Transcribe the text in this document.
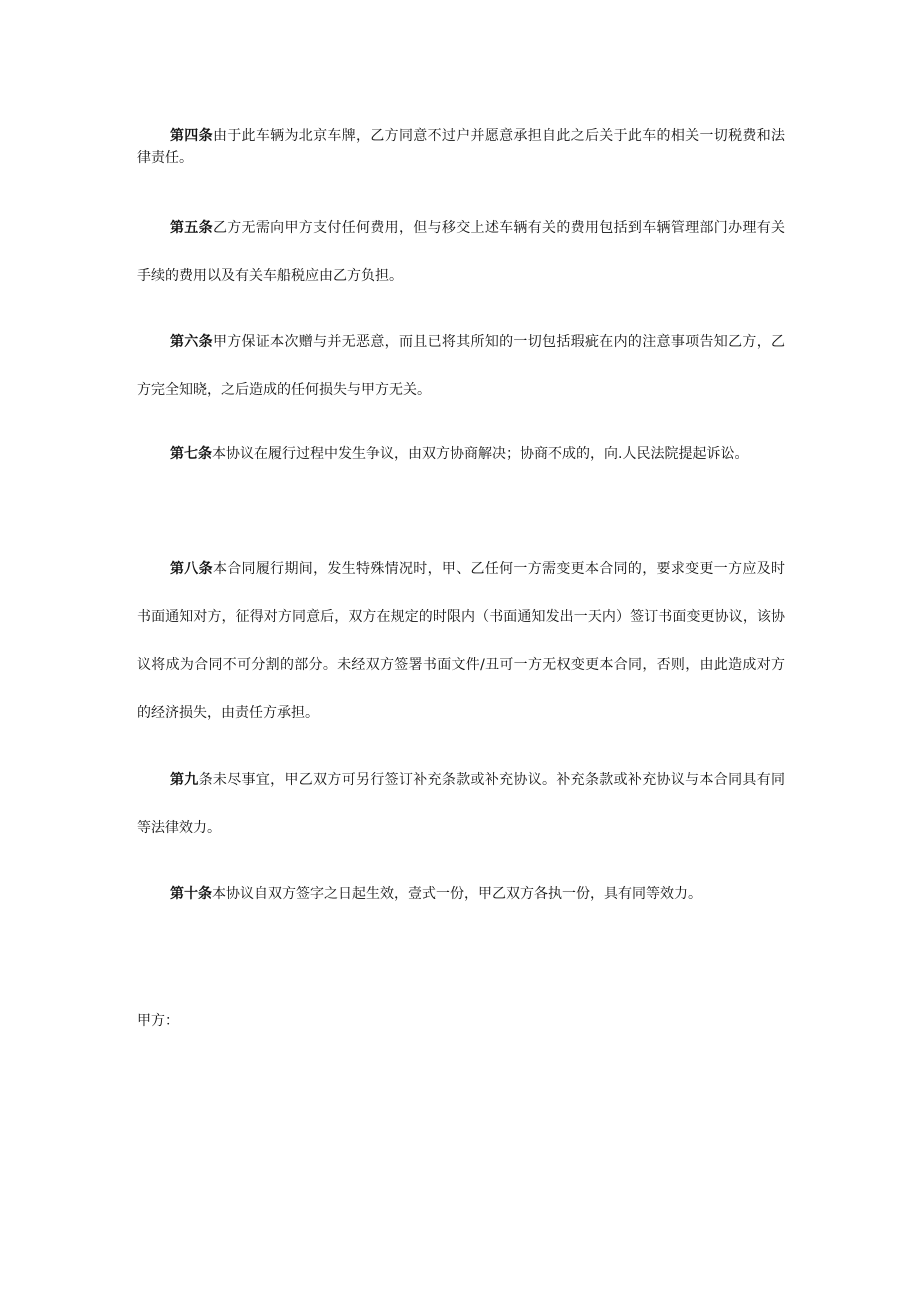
第四条由于此车辆为北京车牌，乙方同意不过户并愿意承担自此之后关于此车的相关一切税费和法律责任。

第五条乙方无需向甲方支付任何费用，但与移交上述车辆有关的费用包括到车辆管理部门办理有关手续的费用以及有关车船税应由乙方负担。

第六条甲方保证本次赠与并无恶意，而且已将其所知的一切包括瑕疵在内的注意事项告知乙方，乙方完全知晓，之后造成的任何损失与甲方无关。

第七条本协议在履行过程中发生争议，由双方协商解决；协商不成的，向.人民法院提起诉讼。

第八条本合同履行期间，发生特殊情况时，甲、乙任何一方需变更本合同的，要求变更一方应及时书面通知对方，征得对方同意后，双方在规定的时限内（书面通知发出一天内）签订书面变更协议，该协议将成为合同不可分割的部分。未经双方签署书面文件/丑可一方无权变更本合同，否则，由此造成对方的经济损失，由责任方承担。

第九条未尽事宜，甲乙双方可另行签订补充条款或补充协议。补充条款或补充协议与本合同具有同等法律效力。

第十条本协议自双方签字之日起生效，壹式一份，甲乙双方各执一份，具有同等效力。

甲方：
